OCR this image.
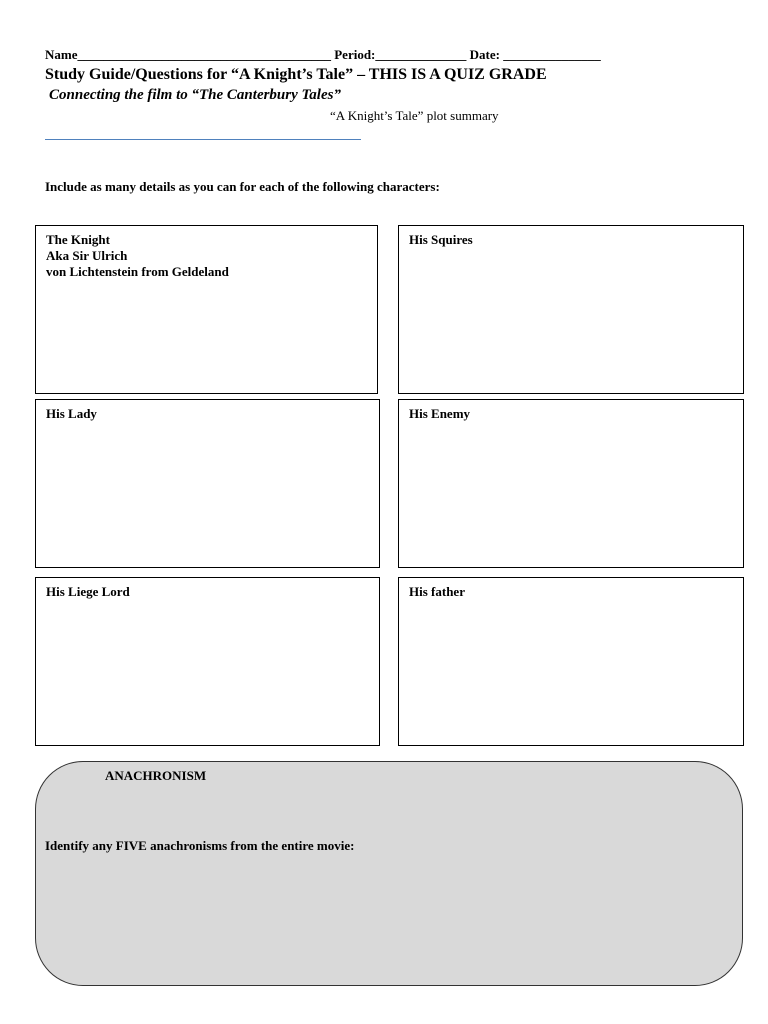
Name_______________________________________ Period:______________ Date: _______________
Study Guide/Questions for “A Knight’s Tale” – THIS IS A QUIZ GRADE
Connecting the film to “The Canterbury Tales”
“A Knight’s Tale” plot summary
Include as many details as you can for each of the following characters:
The Knight
Aka Sir Ulrich
von Lichtenstein from Geldeland
His Squires
His Lady	His Enemy
His Liege Lord	His father
ANACHRONISM
Identify any FIVE anachronisms from the entire movie:
